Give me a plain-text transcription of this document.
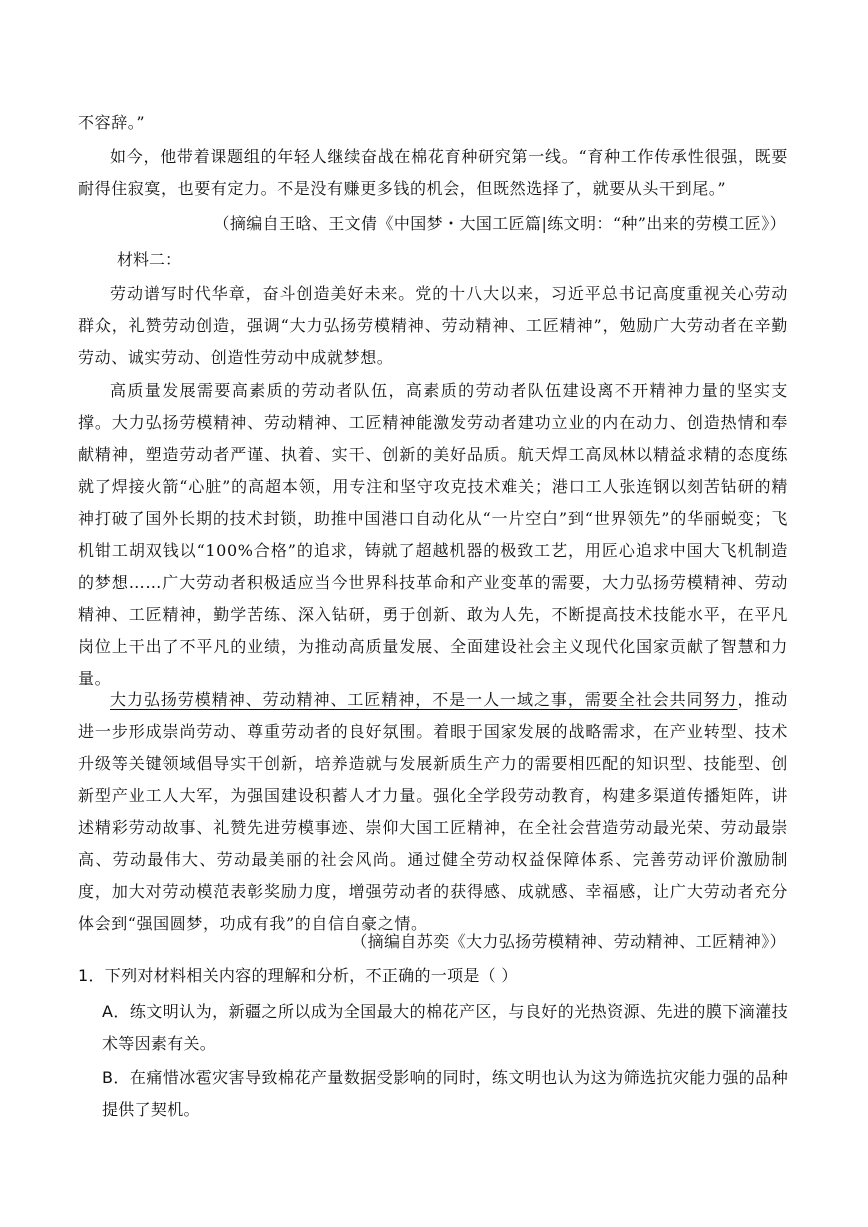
不容辞。”

如今，他带着课题组的年轻人继续奋战在棉花育种研究第一线。“育种工作传承性很强，既要耐得住寂寞，也要有定力。不是没有赚更多钱的机会，但既然选择了，就要从头干到尾。”

（摘编自王晗、王文倩《中国梦・大国工匠篇|练文明：“种”出来的劳模工匠》）

材料二：

劳动谱写时代华章，奋斗创造美好未来。党的十八大以来，习近平总书记高度重视关心劳动群众，礼赞劳动创造，强调“大力弘扬劳模精神、劳动精神、工匠精神”，勉励广大劳动者在辛勤劳动、诚实劳动、创造性劳动中成就梦想。

高质量发展需要高素质的劳动者队伍，高素质的劳动者队伍建设离不开精神力量的坚实支撑。大力弘扬劳模精神、劳动精神、工匠精神能激发劳动者建功立业的内在动力、创造热情和奉献精神，塑造劳动者严谨、执着、实干、创新的美好品质。航天焊工高凤林以精益求精的态度练就了焊接火箭“心脏”的高超本领，用专注和坚守攻克技术难关；港口工人张连钢以刻苦钻研的精神打破了国外长期的技术封锁，助推中国港口自动化从“一片空白”到“世界领先”的华丽蜕变；飞机钳工胡双钱以“100%合格”的追求，铸就了超越机器的极致工艺，用匠心追求中国大飞机制造的梦想……广大劳动者积极适应当今世界科技革命和产业变革的需要，大力弘扬劳模精神、劳动精神、工匠精神，勤学苦练、深入钻研，勇于创新、敢为人先，不断提高技术技能水平，在平凡岗位上干出了不平凡的业绩，为推动高质量发展、全面建设社会主义现代化国家贡献了智慧和力量。

大力弘扬劳模精神、劳动精神、工匠精神，不是一人一域之事，需要全社会共同努力，推动进一步形成崇尚劳动、尊重劳动者的良好氛围。着眼于国家发展的战略需求，在产业转型、技术升级等关键领域倡导实干创新，培养造就与发展新质生产力的需要相匹配的知识型、技能型、创新型产业工人大军，为强国建设积蓄人才力量。强化全学段劳动教育，构建多渠道传播矩阵，讲述精彩劳动故事、礼赞先进劳模事迹、崇仰大国工匠精神，在全社会营造劳动最光荣、劳动最崇高、劳动最伟大、劳动最美丽的社会风尚。通过健全劳动权益保障体系、完善劳动评价激励制度，加大对劳动模范表彰奖励力度，增强劳动者的获得感、成就感、幸福感，让广大劳动者充分体会到“强国圆梦，功成有我”的自信自豪之情。

（摘编自苏奕《大力弘扬劳模精神、劳动精神、工匠精神》）

1．下列对材料相关内容的理解和分析，不正确的一项是（ ）

A．练文明认为，新疆之所以成为全国最大的棉花产区，与良好的光热资源、先进的膜下滴灌技术等因素有关。

B．在痛惜冰雹灾害导致棉花产量数据受影响的同时，练文明也认为这为筛选抗灾能力强的品种提供了契机。
